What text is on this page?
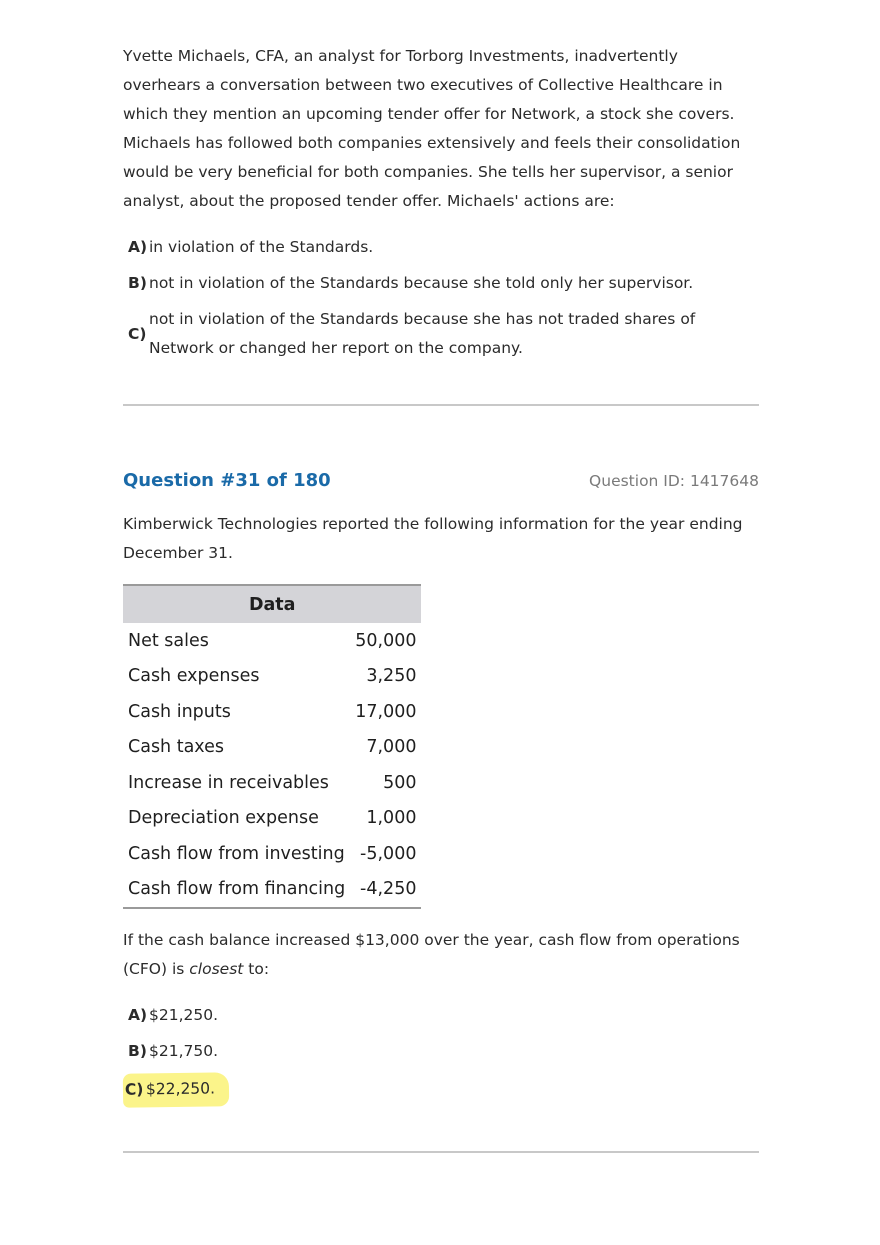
Yvette Michaels, CFA, an analyst for Torborg Investments, inadvertently overhears a conversation between two executives of Collective Healthcare in which they mention an upcoming tender offer for Network, a stock she covers. Michaels has followed both companies extensively and feels their consolidation would be very beneficial for both companies. She tells her supervisor, a senior analyst, about the proposed tender offer. Michaels' actions are:

A) in violation of the Standards.
B) not in violation of the Standards because she told only her supervisor.
C)
not in violation of the Standards because she has not traded shares of Network or changed her report on the company.
Question #31 of 180	Question ID: 1417648

Kimberwick Technologies reported the following information for the year ending December 31.

Data	
Net sales	50,000
Cash expenses	3,250
Cash inputs	17,000
Cash taxes	7,000
Increase in receivables	500
Depreciation expense	1,000
Cash flow from investing	-5,000
Cash flow from financing	-4,250

If the cash balance increased $13,000 over the year, cash flow from operations (CFO) is closest to:

A) $21,250.
B) $21,750.
C) $22,250.
